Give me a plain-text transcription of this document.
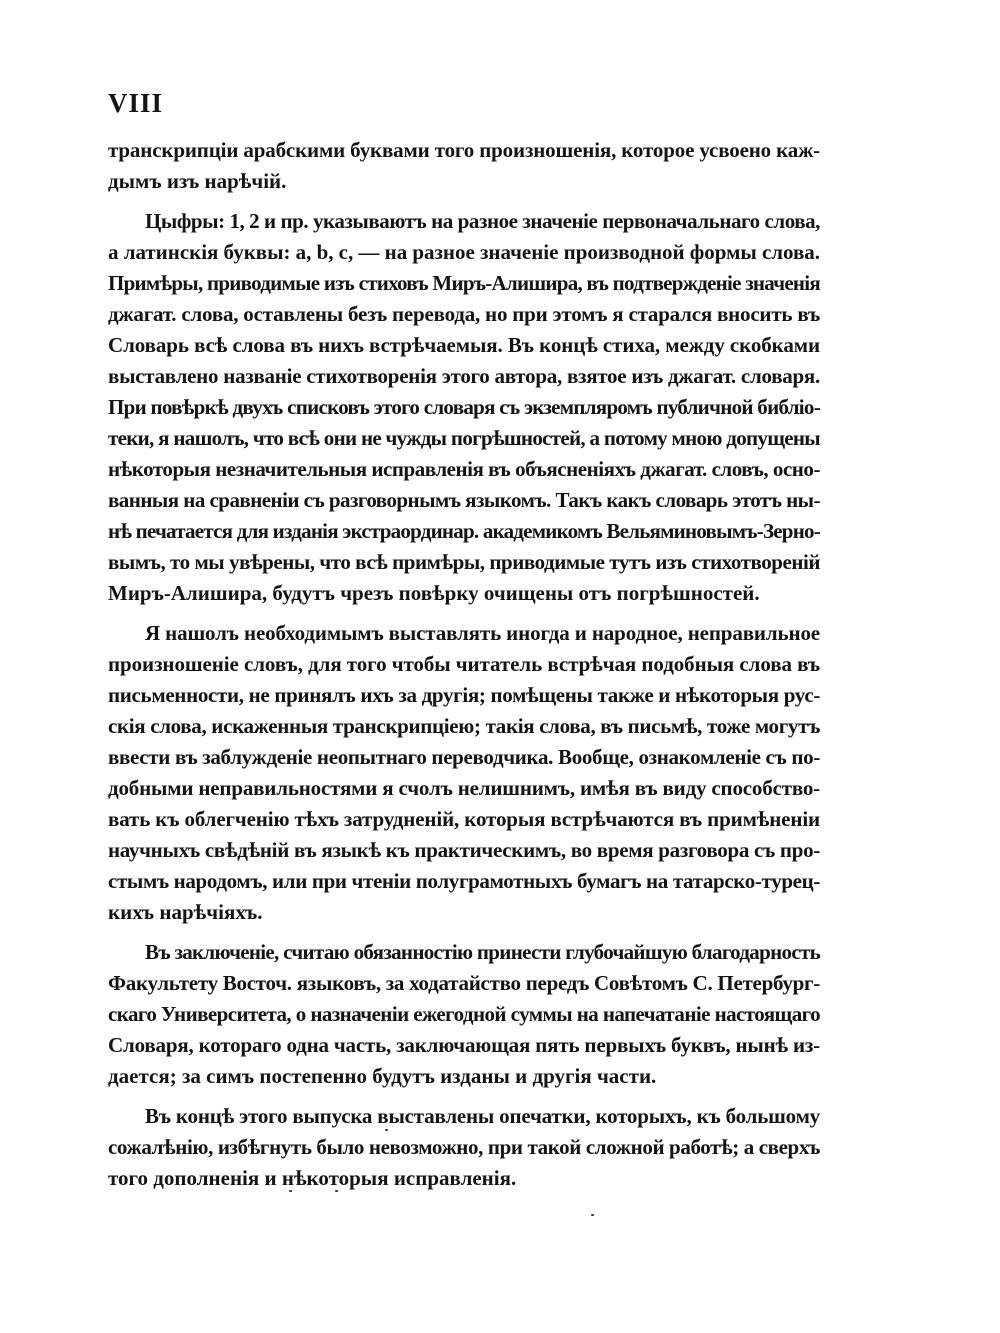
VIII
транскрипціи арабскими буквами того произношенія, которое усвоено каж-
дымъ изъ нарѣчій.
Цыфры: 1, 2 и пр. указываютъ на разное значеніе первоначальнаго слова,
а латинскія буквы: a, b, c, — на разное значеніе производной формы слова.
Примѣры, приводимые изъ стиховъ Миръ-Алишира, въ подтвержденіе значенія
джагат. слова, оставлены безъ перевода, но при этомъ я старался вносить въ
Словарь всѣ слова въ нихъ встрѣчаемыя. Въ концѣ стиха, между скобками
выставлено названіе стихотворенія этого автора, взятое изъ джагат. словаря.
При повѣркѣ двухъ списковъ этого словаря съ экземпляромъ публичной библіо-
теки, я нашолъ, что всѣ они не чужды погрѣшностей, а потому мною допущены
нѣкоторыя незначительныя исправленія въ объясненіяхъ джагат. словъ, осно-
ванныя на сравненіи съ разговорнымъ языкомъ. Такъ какъ словарь этотъ ны-
нѣ печатается для изданія экстраординар. академикомъ Вельяминовымъ-Зерно-
вымъ, то мы увѣрены, что всѣ примѣры, приводимые тутъ изъ стихотвореній
Миръ-Алишира, будутъ чрезъ повѣрку очищены отъ погрѣшностей.
Я нашолъ необходимымъ выставлять иногда и народное, неправильное
произношеніе словъ, для того чтобы читатель встрѣчая подобныя слова въ
письменности, не принялъ ихъ за другія; помѣщены также и нѣкоторыя рус-
скія слова, искаженныя транскрипціею; такія слова, въ письмѣ, тоже могутъ
ввести въ заблужденіе неопытнаго переводчика. Вообще, ознакомленіе съ по-
добными неправильностями я счолъ нелишнимъ, имѣя въ виду способство-
вать къ облегченію тѣхъ затрудненій, которыя встрѣчаются въ примѣненіи
научныхъ свѣдѣній въ языкѣ къ практическимъ, во время разговора съ про-
стымъ народомъ, или при чтеніи полуграмотныхъ бумагъ на татарско-турец-
кихъ нарѣчіяхъ.
Въ заключеніе, считаю обязанностію принести глубочайшую благодарность
Факультету Восточ. языковъ, за ходатайство передъ Совѣтомъ С. Петербург-
скаго Университета, о назначеніи ежегодной суммы на напечатаніе настоящаго
Словаря, котораго одна часть, заключающая пять первыхъ буквъ, нынѣ из-
дается; за симъ постепенно будутъ изданы и другія части.
Въ концѣ этого выпуска выставлены опечатки, которыхъ, къ большому
сожалѣнію, избѣгнуть было невозможно, при такой сложной работѣ; а сверхъ
того дополненія и нѣкоторыя исправленія.
